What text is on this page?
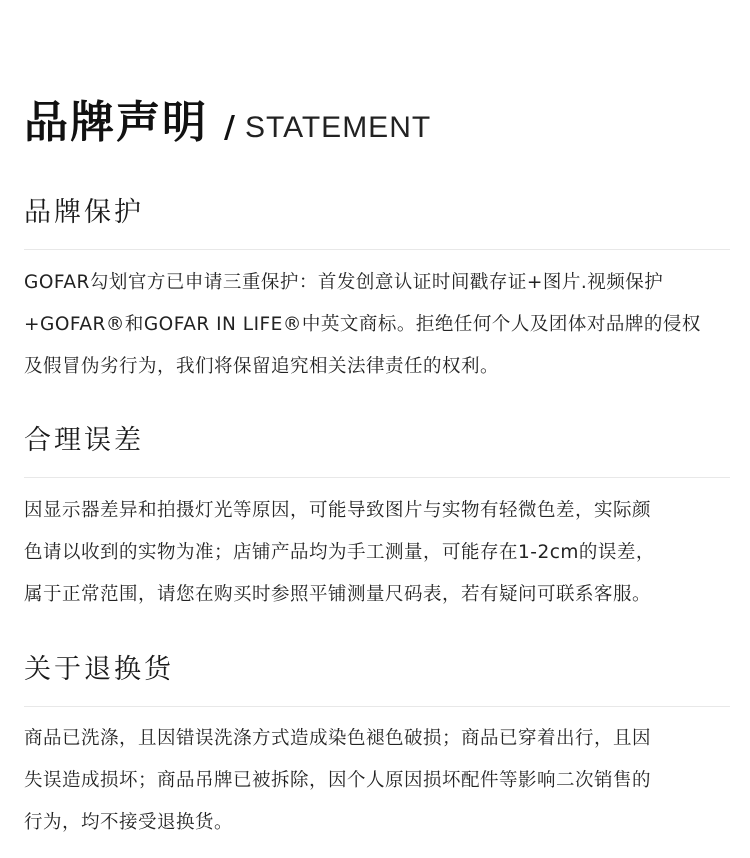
品牌声明 / STATEMENT
品牌保护
GOFAR勾划官方已申请三重保护：首发创意认证时间戳存证+图片.视频保护
+GOFAR®和GOFAR IN LIFE®中英文商标。拒绝任何个人及团体对品牌的侵权
及假冒伪劣行为，我们将保留追究相关法律责任的权利。
合理误差
因显示器差异和拍摄灯光等原因，可能导致图片与实物有轻微色差，实际颜
色请以收到的实物为准；店铺产品均为手工测量，可能存在1-2cm的误差，
属于正常范围，请您在购买时参照平铺测量尺码表，若有疑问可联系客服。
关于退换货
商品已洗涤，且因错误洗涤方式造成染色褪色破损；商品已穿着出行，且因
失误造成损坏；商品吊牌已被拆除，因个人原因损坏配件等影响二次销售的
行为，均不接受退换货。
